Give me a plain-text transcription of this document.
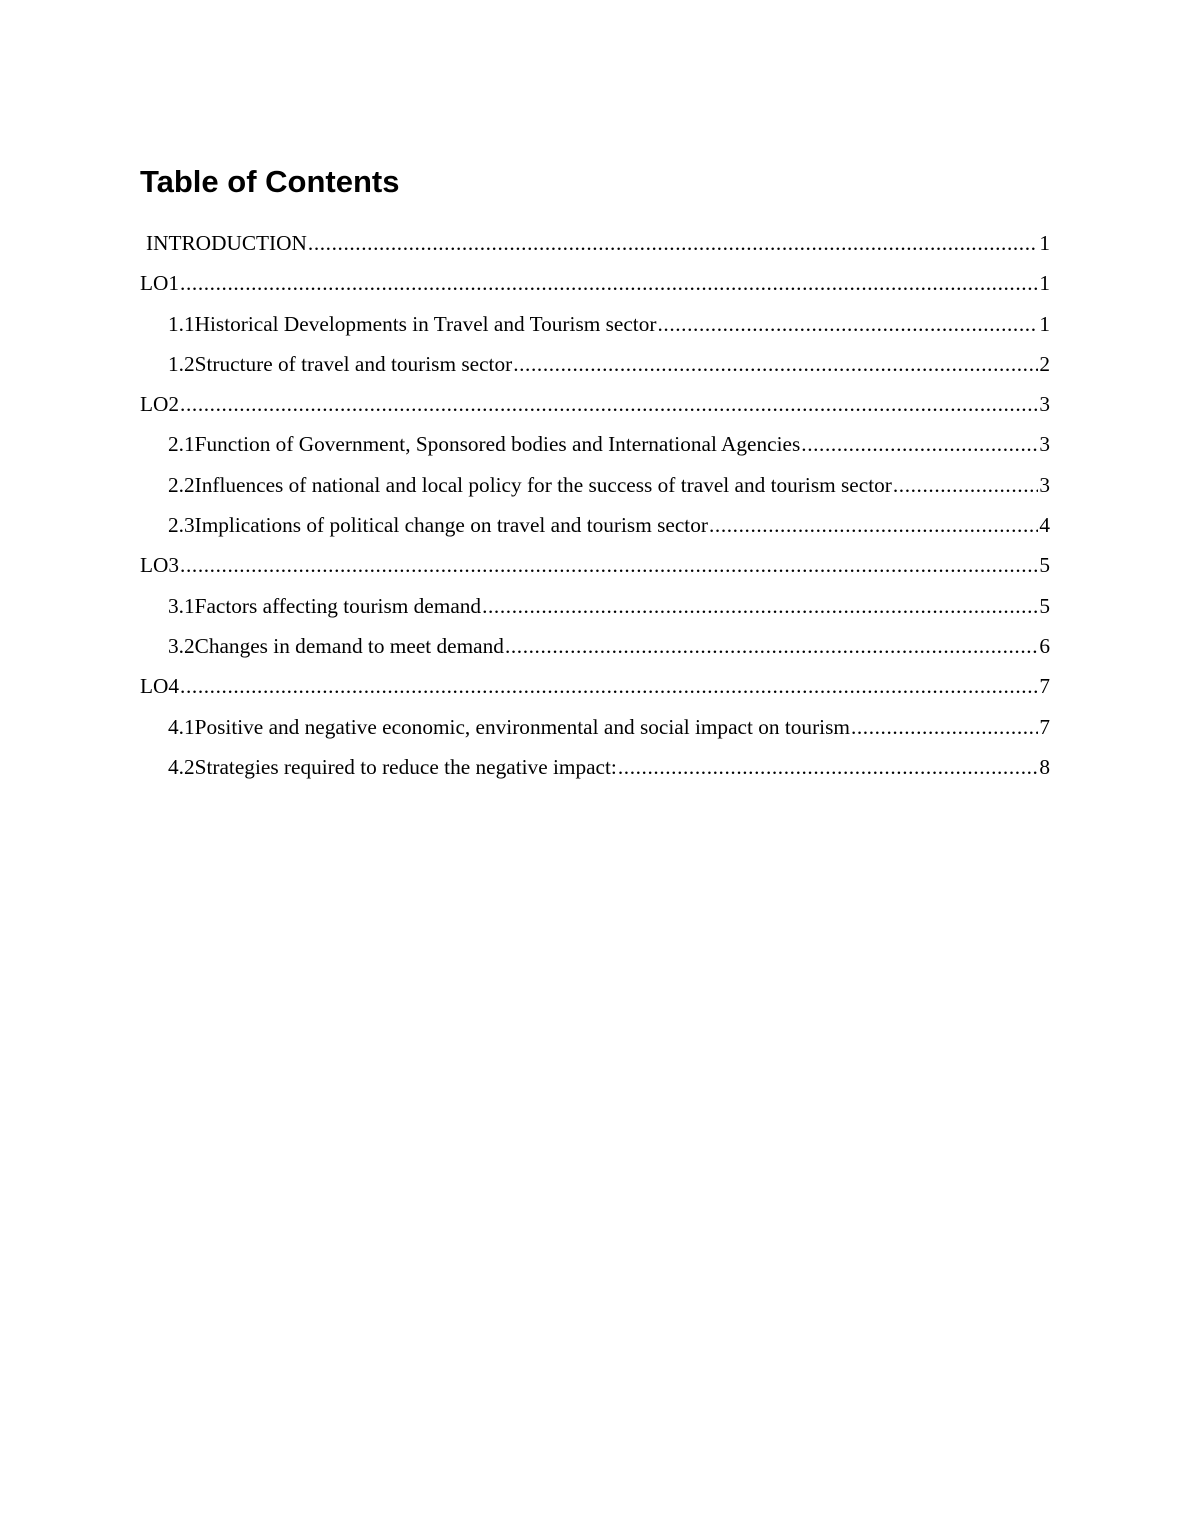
Table of Contents
INTRODUCTION .....	1
LO1 .....	1
1.1Historical Developments in Travel and Tourism sector .....	1
1.2Structure of travel and tourism sector .....	2
LO2 .....	3
2.1Function of Government, Sponsored bodies and International Agencies .....	3
2.2Influences of national and local policy for the success of travel and tourism sector .....	3
2.3Implications of political change on travel and tourism sector .....	4
LO3 .....	5
3.1Factors affecting tourism demand .....	5
3.2Changes in demand to meet demand .....	6
LO4 .....	7
4.1Positive and negative economic, environmental and social impact on tourism .....	7
4.2Strategies required to reduce the negative impact: .....	8
